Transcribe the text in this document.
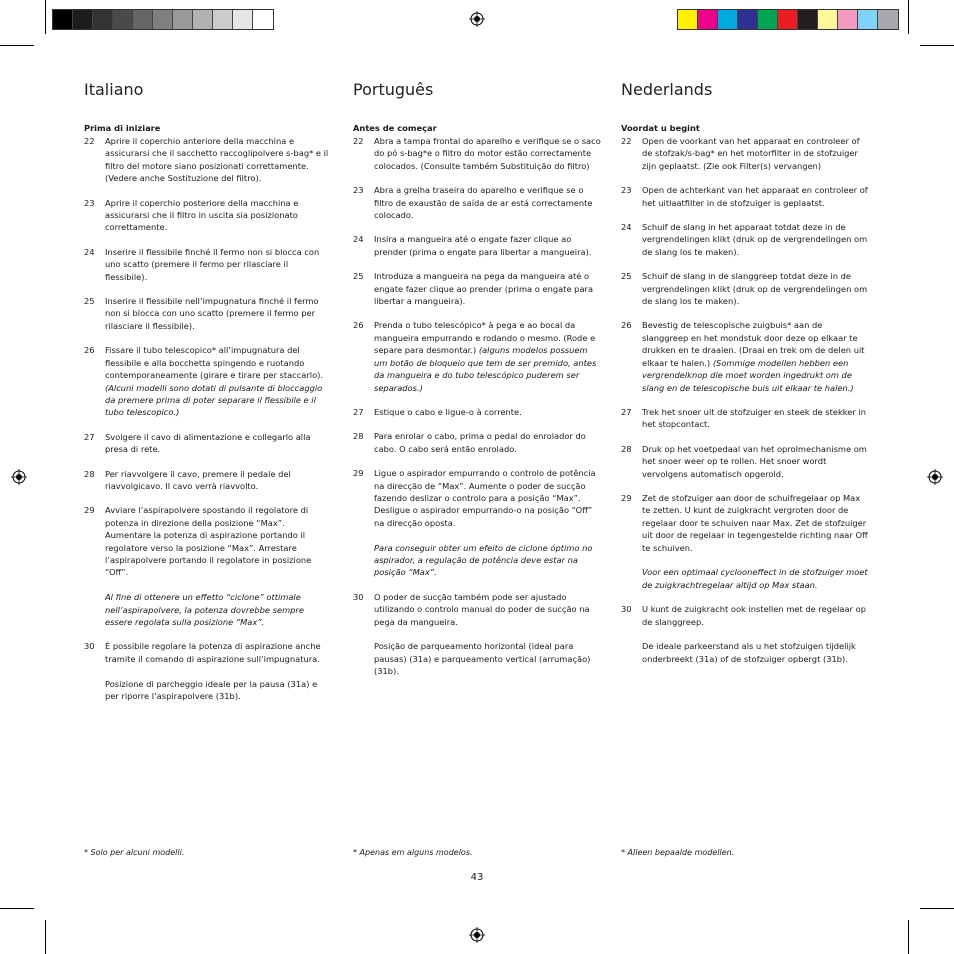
Italiano
Prima di iniziare
22	Aprire il coperchio anteriore della macchina e assicurarsi che il sacchetto raccoglipolvere s-bag* e il filtro del motore siano posizionati correttamente. (Vedere anche Sostituzione del filtro).

23	Aprire il coperchio posteriore della macchina e assicurarsi che il filtro in uscita sia posizionato correttamente.

24	Inserire il flessibile finché il fermo non si blocca con uno scatto (premere il fermo per rilasciare il flessibile).

25	Inserire il flessibile nell’impugnatura finché il fermo non si blocca con uno scatto (premere il fermo per rilasciare il flessibile).

26	Fissare il tubo telescopico* all’impugnatura del flessibile e alla bocchetta spingendo e ruotando contemporaneamente (girare e tirare per staccarlo). (Alcuni modelli sono dotati di pulsante di bloccaggio da premere prima di poter separare il flessibile e il tubo telescopico.)

27	Svolgere il cavo di alimentazione e collegarlo alla presa di rete.

28	Per riavvolgere il cavo, premere il pedale del riavvolgicavo. Il cavo verrà riavvolto.

29	Avviare l’aspirapolvere spostando il regolatore di potenza in direzione della posizione “Max”. Aumentare la potenza di aspirazione portando il regolatore verso la posizione “Max”. Arrestare l’aspirapolvere portando il regolatore in posizione “Off”.

Al fine di ottenere un effetto “ciclone” ottimale nell’aspirapolvere, la potenza dovrebbe sempre essere regolata sulla posizione “Max”.

30	È possibile regolare la potenza di aspirazione anche tramite il comando di aspirazione sull’impugnatura.

Posizione di parcheggio ideale per la pausa (31a) e per riporre l’aspirapolvere (31b).

Português
Antes de começar
22	Abra a tampa frontal do aparelho e verifique se o saco do pó s-bag*e o filtro do motor estão correctamente colocados. (Consulte também Substituição do filtro)

23	Abra a grelha traseira do aparelho e verifique se o filtro de exaustão de saída de ar está correctamente colocado.

24	Insira a mangueira até o engate fazer clique ao prender (prima o engate para libertar a mangueira).

25	Introduza a mangueira na pega da mangueira até o engate fazer clique ao prender (prima o engate para libertar a mangueira).

26	Prenda o tubo telescópico* à pega e ao bocal da mangueira empurrando e rodando o mesmo. (Rode e separe para desmontar.) (alguns modelos possuem um botão de bloqueio que tem de ser premido, antes da mangueira e do tubo telescópico puderem ser separados.)

27	Estique o cabo e ligue-o à corrente.

28	Para enrolar o cabo, prima o pedal do enrolador do cabo. O cabo será então enrolado.

29	Ligue o aspirador empurrando o controlo de potência na direcção de “Max”. Aumente o poder de sucção fazendo deslizar o controlo para a posição “Max”. Desligue o aspirador empurrando-o na posição “Off” na direcção oposta.

Para conseguir obter um efeito de ciclone óptimo no aspirador, a regulação de potência deve estar na posição “Max”.

30	O poder de sucção também pode ser ajustado utilizando o controlo manual do poder de sucção na pega da mangueira.

Posição de parqueamento horizontal (ideal para pausas) (31a) e parqueamento vertical (arrumação) (31b).

Nederlands
Voordat u begint
22	Open de voorkant van het apparaat en controleer of de stofzak/s-bag* en het motorfilter in de stofzuiger zijn geplaatst. (Zie ook Filter(s) vervangen)

23	Open de achterkant van het apparaat en controleer of het uitlaatfilter in de stofzuiger is geplaatst.

24	Schuif de slang in het apparaat totdat deze in de vergrendelingen klikt (druk op de vergrendelingen om de slang los te maken).

25	Schuif de slang in de slanggreep totdat deze in de vergrendelingen klikt (druk op de vergrendelingen om de slang los te maken).

26	Bevestig de telescopische zuigbuis* aan de slanggreep en het mondstuk door deze op elkaar te drukken en te draaien. (Draai en trek om de delen uit elkaar te halen.) (Sommige modellen hebben een vergrendelknop die moet worden ingedrukt om de slang en de telescopische buis uit elkaar te halen.)

27	Trek het snoer uit de stofzuiger en steek de stekker in het stopcontact.

28	Druk op het voetpedaal van het oprolmechanisme om het snoer weer op te rollen. Het snoer wordt vervolgens automatisch opgerold.

29	Zet de stofzuiger aan door de schuifregelaar op Max te zetten. U kunt de zuigkracht vergroten door de regelaar door te schuiven naar Max. Zet de stofzuiger uit door de regelaar in tegengestelde richting naar Off te schuiven.

Voor een optimaal cyclooneffect in de stofzuiger moet de zuigkrachtregelaar altijd op Max staan.

30	U kunt de zuigkracht ook instellen met de regelaar op de slanggreep.

De ideale parkeerstand als u het stofzuigen tijdelijk onderbreekt (31a) of de stofzuiger opbergt (31b).

* Solo per alcuni modelli.	* Apenas em alguns modelos.	* Alleen bepaalde modellen.
43
